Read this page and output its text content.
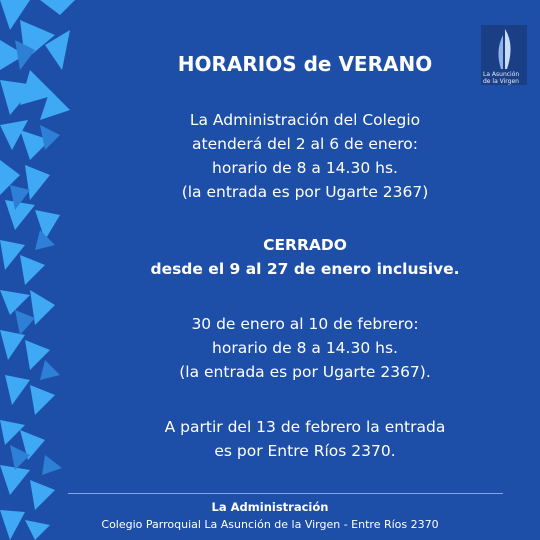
La Asunción
de la Virgen
HORARIOS de VERANO
La Administración del Colegio
atenderá del 2 al 6 de enero:
horario de 8 a 14.30 hs.
(la entrada es por Ugarte 2367)
CERRADO
desde el 9 al 27 de enero inclusive.
30 de enero al 10 de febrero:
horario de 8 a 14.30 hs.
(la entrada es por Ugarte 2367).
A partir del 13 de febrero la entrada
es por Entre Ríos 2370.
La Administración
Colegio Parroquial La Asunción de la Virgen - Entre Ríos 2370
